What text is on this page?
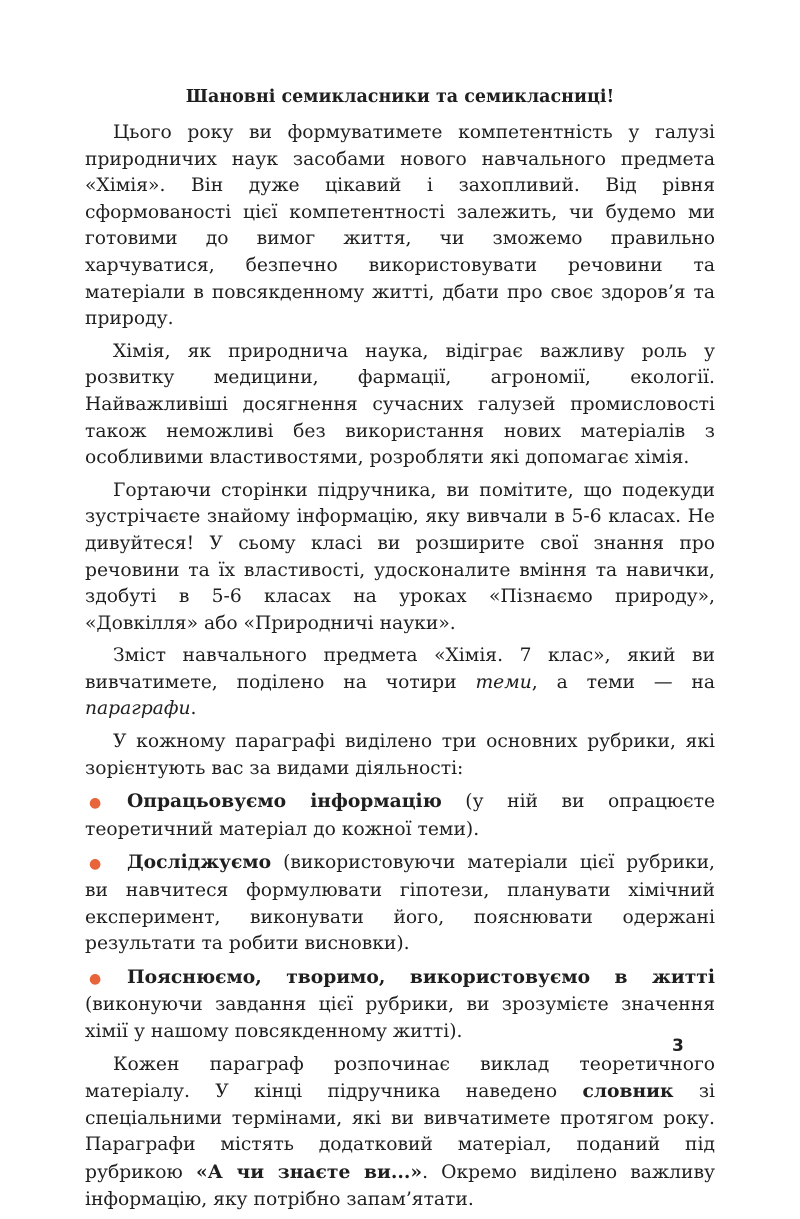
Шановні семикласники та семикласниці!

Цього року ви формуватимете компетентність у галузі природничих наук засобами нового навчального предмета «Хімія». Він дуже цікавий і захопливий. Від рівня сформованості цієї компетентності залежить, чи будемо ми готовими до вимог життя, чи зможемо правильно харчуватися, безпечно використовувати речовини та матеріали в повсякденному житті, дбати про своє здоров’я та природу.

Хімія, як природнича наука, відіграє важливу роль у розвитку медицини, фармації, агрономії, екології. Найважливіші досягнення сучасних галузей промисловості також неможливі без використання нових матеріалів з особливими властивостями, розробляти які допомагає хімія.

Гортаючи сторінки підручника, ви помітите, що подекуди зустрічаєте знайому інформацію, яку вивчали в 5-6 класах. Не дивуйтеся! У сьому класі ви розширите свої знання про речовини та їх властивості, удосконалите вміння та навички, здобуті в 5-6 класах на уроках «Пізнаємо природу», «Довкілля» або «Природничі науки».

Зміст навчального предмета «Хімія. 7 клас», який ви вивчатимете, поділено на чотири теми, а теми — на параграфи.

У кожному параграфі виділено три основних рубрики, які зорієнтують вас за видами діяльності:

● Опрацьовуємо інформацію (у ній ви опрацюєте теоретичний матеріал до кожної теми).

● Досліджуємо (використовуючи матеріали цієї рубрики, ви навчитеся формулювати гіпотези, планувати хімічний експеримент, виконувати його, пояснювати одержані результати та робити висновки).

● Пояснюємо, творимо, використовуємо в житті (виконуючи завдання цієї рубрики, ви зрозумієте значення хімії у нашому повсякденному житті).

Кожен параграф розпочинає виклад теоретичного матеріалу. У кінці підручника наведено словник зі спеціальними термінами, які ви вивчатимете протягом року. Параграфи містять додатковий матеріал, поданий під рубрикою «А чи знаєте ви...». Окремо виділено важливу інформацію, яку потрібно запам’ятати.

3
